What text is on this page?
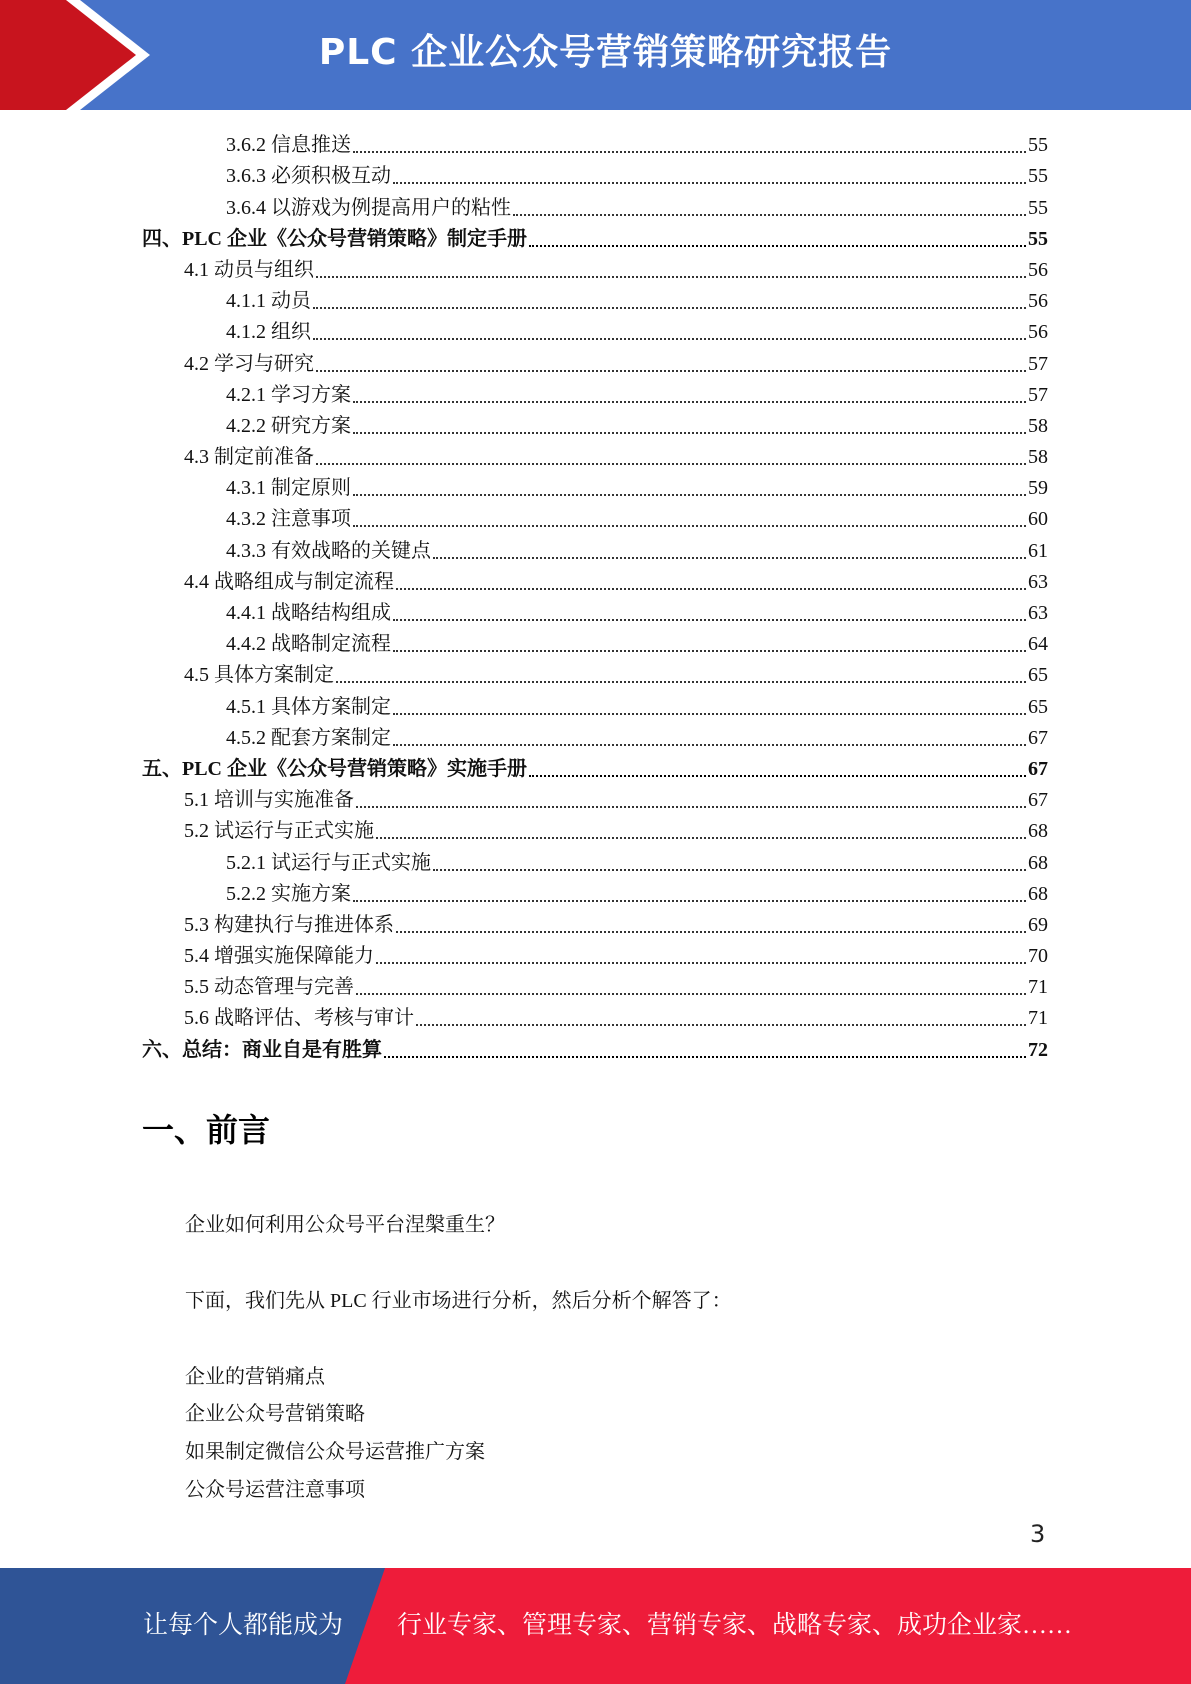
PLC 企业公众号营销策略研究报告
3.6.2 信息推送	55
3.6.3 必须积极互动	55
3.6.4 以游戏为例提高用户的粘性	55
四、PLC 企业《公众号营销策略》制定手册	55
4.1 动员与组织	56
4.1.1 动员	56
4.1.2 组织	56
4.2 学习与研究	57
4.2.1 学习方案	57
4.2.2 研究方案	58
4.3 制定前准备	58
4.3.1 制定原则	59
4.3.2 注意事项	60
4.3.3 有效战略的关键点	61
4.4 战略组成与制定流程	63
4.4.1 战略结构组成	63
4.4.2 战略制定流程	64
4.5 具体方案制定	65
4.5.1 具体方案制定	65
4.5.2 配套方案制定	67
五、PLC 企业《公众号营销策略》实施手册	67
5.1 培训与实施准备	67
5.2 试运行与正式实施	68
5.2.1 试运行与正式实施	68
5.2.2 实施方案	68
5.3 构建执行与推进体系	69
5.4 增强实施保障能力	70
5.5 动态管理与完善	71
5.6 战略评估、考核与审计	71
六、总结：商业自是有胜算	72
一、前言
企业如何利用公众号平台涅槃重生？
下面，我们先从 PLC 行业市场进行分析，然后分析个解答了：
企业的营销痛点
企业公众号营销策略
如果制定微信公众号运营推广方案
公众号运营注意事项
3
让每个人都能成为 行业专家、管理专家、营销专家、战略专家、成功企业家……
